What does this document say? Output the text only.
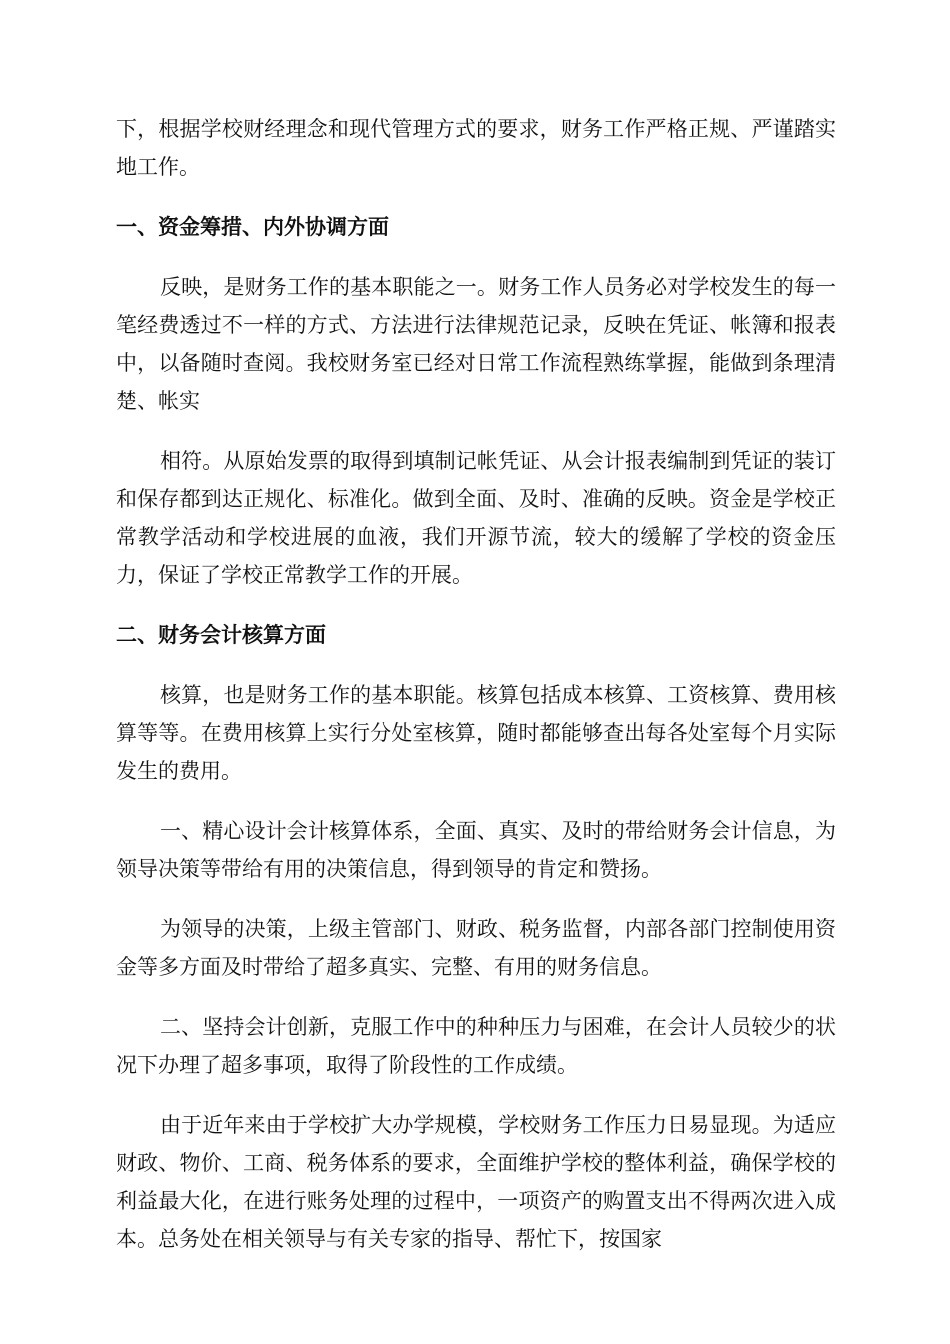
下，根据学校财经理念和现代管理方式的要求，财务工作严格正规、严谨踏实地工作。

一、资金筹措、内外协调方面

反映，是财务工作的基本职能之一。财务工作人员务必对学校发生的每一笔经费透过不一样的方式、方法进行法律规范记录，反映在凭证、帐簿和报表中，以备随时查阅。我校财务室已经对日常工作流程熟练掌握，能做到条理清楚、帐实

相符。从原始发票的取得到填制记帐凭证、从会计报表编制到凭证的装订和保存都到达正规化、标准化。做到全面、及时、准确的反映。资金是学校正常教学活动和学校进展的血液，我们开源节流，较大的缓解了学校的资金压力，保证了学校正常教学工作的开展。

二、财务会计核算方面

核算，也是财务工作的基本职能。核算包括成本核算、工资核算、费用核算等等。在费用核算上实行分处室核算，随时都能够查出每各处室每个月实际发生的费用。

一、精心设计会计核算体系，全面、真实、及时的带给财务会计信息，为领导决策等带给有用的决策信息，得到领导的肯定和赞扬。

为领导的决策，上级主管部门、财政、税务监督，内部各部门控制使用资金等多方面及时带给了超多真实、完整、有用的财务信息。

二、坚持会计创新，克服工作中的种种压力与困难，在会计人员较少的状况下办理了超多事项，取得了阶段性的工作成绩。

由于近年来由于学校扩大办学规模，学校财务工作压力日易显现。为适应财政、物价、工商、税务体系的要求，全面维护学校的整体利益，确保学校的利益最大化，在进行账务处理的过程中，一项资产的购置支出不得两次进入成本。总务处在相关领导与有关专家的指导、帮忙下，按国家
